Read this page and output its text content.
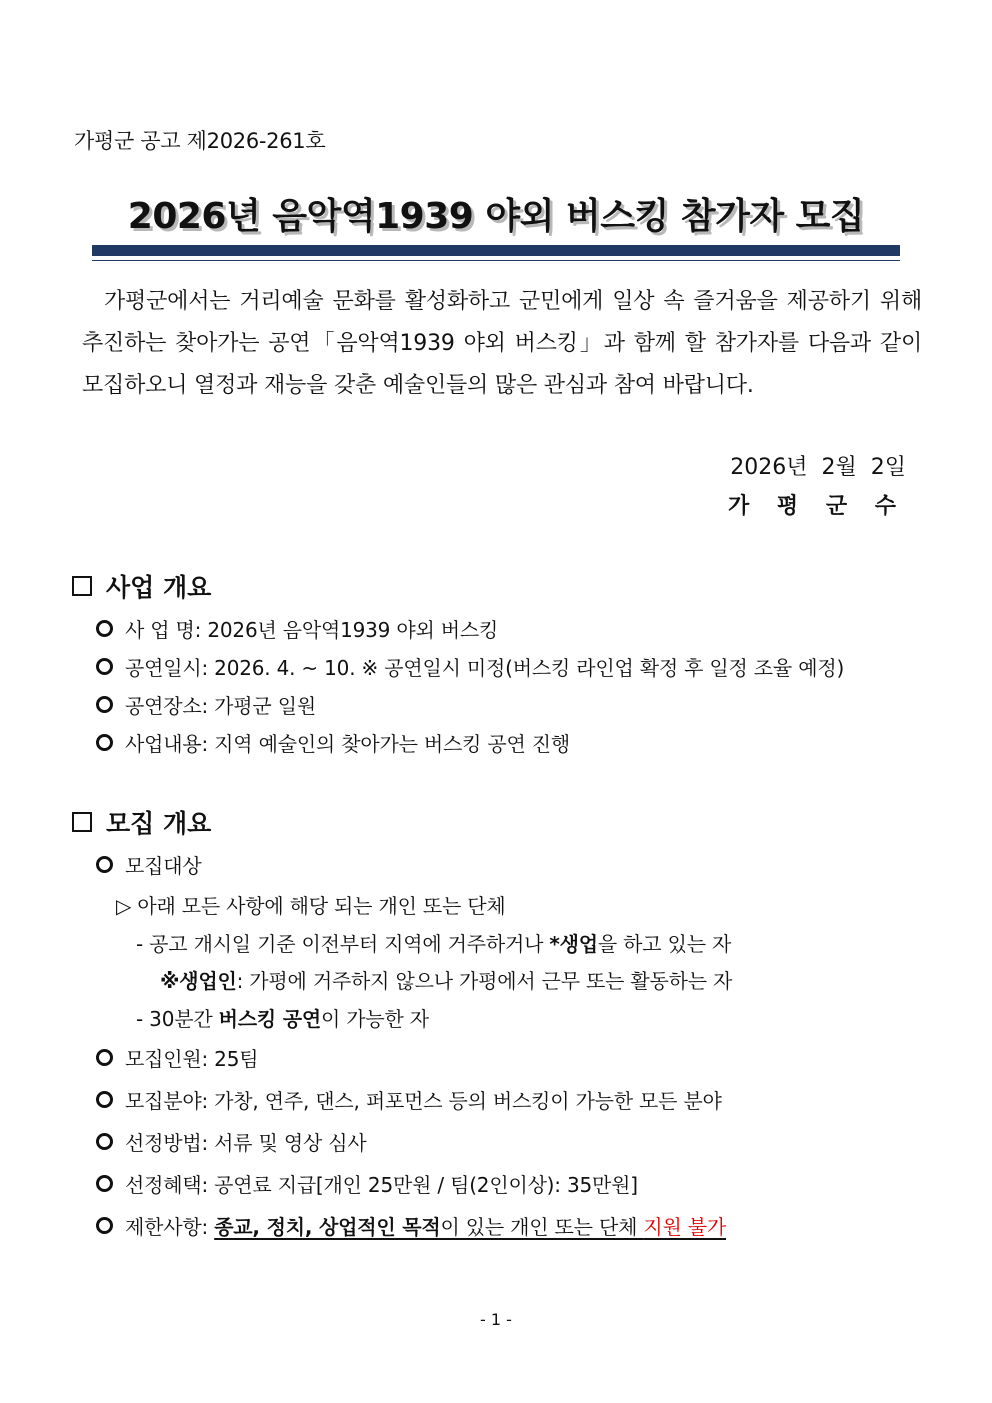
가평군 공고 제2026-261호
2026년 음악역1939 야외 버스킹 참가자 모집
가평군에서는 거리예술 문화를 활성화하고 군민에게 일상 속 즐거움을 제공하기 위해 추진하는 찾아가는 공연「음악역1939 야외 버스킹」과 함께 할 참가자를 다음과 같이 모집하오니 열정과 재능을 갖춘 예술인들의 많은 관심과 참여 바랍니다.
2026년  2월  2일
가 평 군 수
사업 개요
사 업 명: 2026년 음악역1939 야외 버스킹
공연일시: 2026. 4. ~ 10. ※ 공연일시 미정(버스킹 라인업 확정 후 일정 조율 예정)
공연장소: 가평군 일원
사업내용: 지역 예술인의 찾아가는 버스킹 공연 진행
모집 개요
모집대상
▷ 아래 모든 사항에 해당 되는 개인 또는 단체
- 공고 개시일 기준 이전부터 지역에 거주하거나 *생업을 하고 있는 자
※생업인: 가평에 거주하지 않으나 가평에서 근무 또는 활동하는 자
- 30분간 버스킹 공연이 가능한 자
모집인원: 25팀
모집분야: 가창, 연주, 댄스, 퍼포먼스 등의 버스킹이 가능한 모든 분야
선정방법: 서류 및 영상 심사
선정혜택: 공연료 지급[개인 25만원 / 팀(2인이상): 35만원]
제한사항: 종교, 정치, 상업적인 목적이 있는 개인 또는 단체 지원 불가
- 1 -
